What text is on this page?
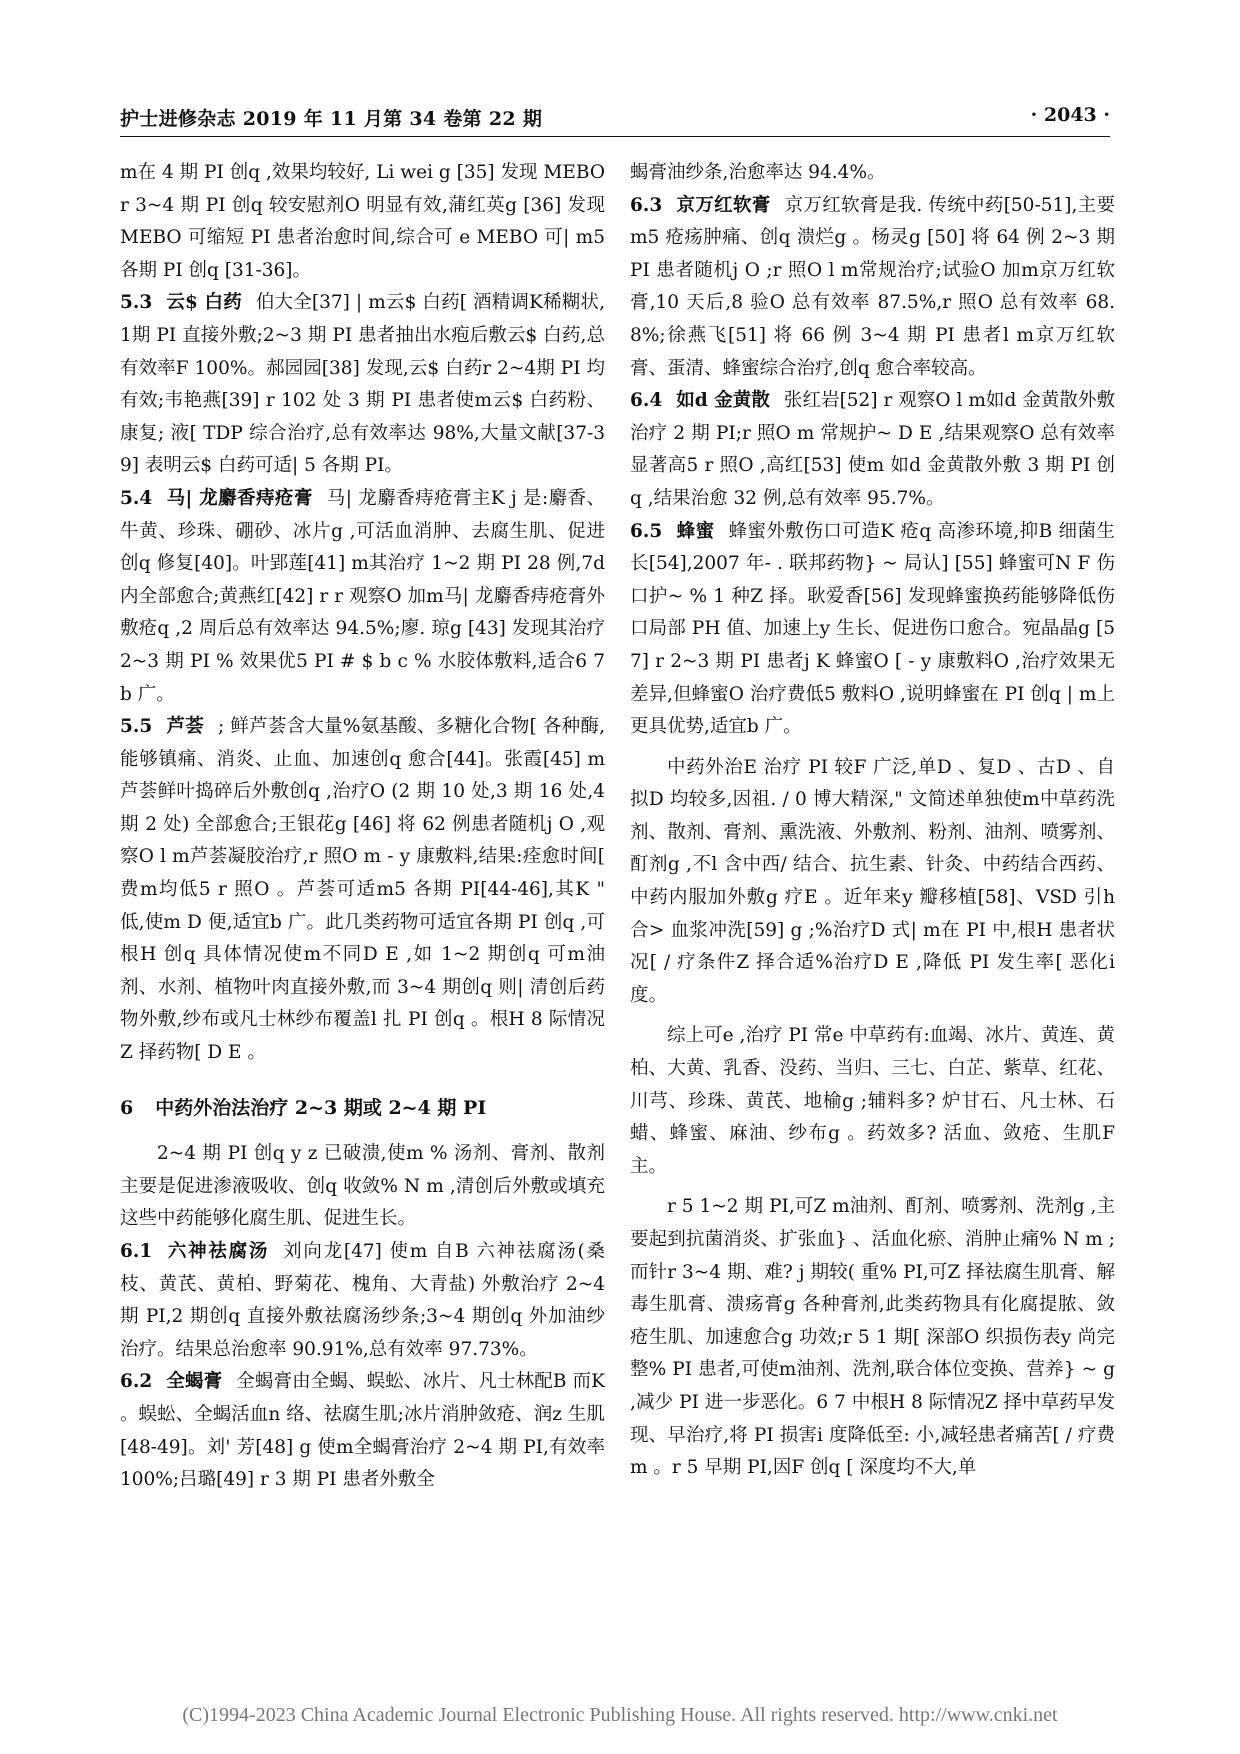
护士进修杂志 2019 年 11 月第 34 卷第 22 期	· 2043 ·

m在 4 期 PI 创q ,效果均较好, Li wei g [35] 发现 MEBO r 3~4 期 PI 创q 较安慰剂O 明显有效,蒲红英g [36] 发现 MEBO 可缩短 PI 患者治愈时间,综合可 e MEBO 可| m5 各期 PI 创q [31-36]。

5.3 云$ 白药 伯大全[37] | m云$ 白药[ 酒精调K稀糊状,1期 PI 直接外敷;2~3 期 PI 患者抽出水疱后敷云$ 白药,总有效率F 100%。郝园园[38] 发现,云$ 白药r 2~4期 PI 均有效;韦艳燕[39] r 102 处 3 期 PI 患者使m云$ 白药粉、康复; 液[ TDP 综合治疗,总有效率达 98%,大量文献[37-39] 表明云$ 白药可适| 5 各期 PI。

5.4 马| 龙麝香痔疮膏 马| 龙麝香痔疮膏主K j 是:麝香、牛黄、珍珠、硼砂、冰片g ,可活血消肿、去腐生肌、促进创q 修复[40]。叶郢莲[41] m其治疗 1~2 期 PI 28 例,7d 内全部愈合;黄燕红[42] r r 观察O 加m马| 龙麝香痔疮膏外敷疮q ,2 周后总有效率达 94.5%;廖. 琼g [43] 发现其治疗 2~3 期 PI % 效果优5 PI # $ b c % 水胶体敷料,适合6 7 b 广。

5.5 芦荟 ; 鲜芦荟含大量%氨基酸、多糖化合物[ 各种酶,能够镇痛、消炎、止血、加速创q 愈合[44]。张霞[45] m芦荟鲜叶捣碎后外敷创q ,治疗O (2 期 10 处,3 期 16 处,4 期 2 处) 全部愈合;王银花g [46] 将 62 例患者随机j O ,观察O l m芦荟凝胶治疗,r 照O m - y 康敷料,结果:痊愈时间[ 费m均低5 r 照O 。芦荟可适m5 各期 PI[44-46],其K " 低,使m D 便,适宜b 广。此几类药物可适宜各期 PI 创q ,可根H 创q 具体情况使m不同D E ,如 1~2 期创q 可m油剂、水剂、植物叶肉直接外敷,而 3~4 期创q 则| 清创后药物外敷,纱布或凡士林纱布覆盖l 扎 PI 创q 。根H 8 际情况Z 择药物[ D E 。

6 中药外治法治疗 2~3 期或 2~4 期 PI

2~4 期 PI 创q y z 已破溃,使m % 汤剂、膏剂、散剂主要是促进渗液吸收、创q 收敛% N m ,清创后外敷或填充这些中药能够化腐生肌、促进生长。

6.1 六神祛腐汤 刘向龙[47] 使m 自B 六神祛腐汤(桑枝、黄芪、黄柏、野菊花、槐角、大青盐) 外敷治疗 2~4 期 PI,2 期创q 直接外敷祛腐汤纱条;3~4 期创q 外加油纱治疗。结果总治愈率 90.91%,总有效率 97.73%。

6.2 全蝎膏 全蝎膏由全蝎、蜈蚣、冰片、凡士林配B 而K 。蜈蚣、全蝎活血n 络、祛腐生肌;冰片消肿敛疮、润z 生肌[48-49]。刘' 芳[48] g 使m全蝎膏治疗 2~4 期 PI,有效率 100%;吕璐[49] r 3 期 PI 患者外敷全

蝎膏油纱条,治愈率达 94.4%。

6.3 京万红软膏 京万红软膏是我. 传统中药[50-51],主要m5 疮疡肿痛、创q 溃烂g 。杨灵g [50] 将 64 例 2~3 期 PI 患者随机j O ;r 照O l m常规治疗;试验O 加m京万红软膏,10 天后,8 验O 总有效率 87.5%,r 照O 总有效率 68.8%;徐燕飞[51] 将 66 例 3~4 期 PI 患者l m京万红软膏、蛋清、蜂蜜综合治疗,创q 愈合率较高。

6.4 如d 金黄散 张红岩[52] r 观察O l m如d 金黄散外敷治疗 2 期 PI;r 照O m 常规护~ D E ,结果观察O 总有效率显著高5 r 照O ,高红[53] 使m 如d 金黄散外敷 3 期 PI 创q ,结果治愈 32 例,总有效率 95.7%。

6.5 蜂蜜 蜂蜜外敷伤口可造K 疮q 高渗环境,抑B 细菌生长[54],2007 年- . 联邦药物} ~ 局认] [55] 蜂蜜可N F 伤口护~ % 1 种Z 择。耿爱香[56] 发现蜂蜜换药能够降低伤口局部 PH 值、加速上y 生长、促进伤口愈合。宛晶晶g [57] r 2~3 期 PI 患者j K 蜂蜜O [ - y 康敷料O ,治疗效果无差异,但蜂蜜O 治疗费低5 敷料O ,说明蜂蜜在 PI 创q | m上更具优势,适宜b 广。

中药外治E 治疗 PI 较F 广泛,单D 、复D 、古D 、自拟D 均较多,因祖. / 0 博大精深," 文简述单独使m中草药洗剂、散剂、膏剂、熏洗液、外敷剂、粉剂、油剂、喷雾剂、酊剂g ,不l 含中西/ 结合、抗生素、针灸、中药结合西药、中药内服加外敷g 疗E 。近年来y 瓣移植[58]、VSD 引h 合> 血浆冲洗[59] g ;%治疗D 式| m在 PI 中,根H 患者状况[ / 疗条件Z 择合适%治疗D E ,降低 PI 发生率[ 恶化i 度。

综上可e ,治疗 PI 常e 中草药有:血竭、冰片、黄连、黄柏、大黄、乳香、没药、当归、三七、白芷、紫草、红花、川芎、珍珠、黄芪、地榆g ;辅料多? 炉甘石、凡士林、石蜡、蜂蜜、麻油、纱布g 。药效多? 活血、敛疮、生肌F 主。

r 5 1~2 期 PI,可Z m油剂、酊剂、喷雾剂、洗剂g ,主要起到抗菌消炎、扩张血} 、活血化瘀、消肿止痛% N m ;而针r 3~4 期、难? j 期较( 重% PI,可Z 择祛腐生肌膏、解毒生肌膏、溃疡膏g 各种膏剂,此类药物具有化腐提脓、敛疮生肌、加速愈合g 功效;r 5 1 期[ 深部O 织损伤表y 尚完整% PI 患者,可使m油剂、洗剂,联合体位变换、营养} ~ g ,减少 PI 进一步恶化。6 7 中根H 8 际情况Z 择中草药早发现、早治疗,将 PI 损害i 度降低至: 小,减轻患者痛苦[ / 疗费m 。r 5 早期 PI,因F 创q [ 深度均不大,单

(C)1994-2023 China Academic Journal Electronic Publishing House. All rights reserved. http://www.cnki.net
